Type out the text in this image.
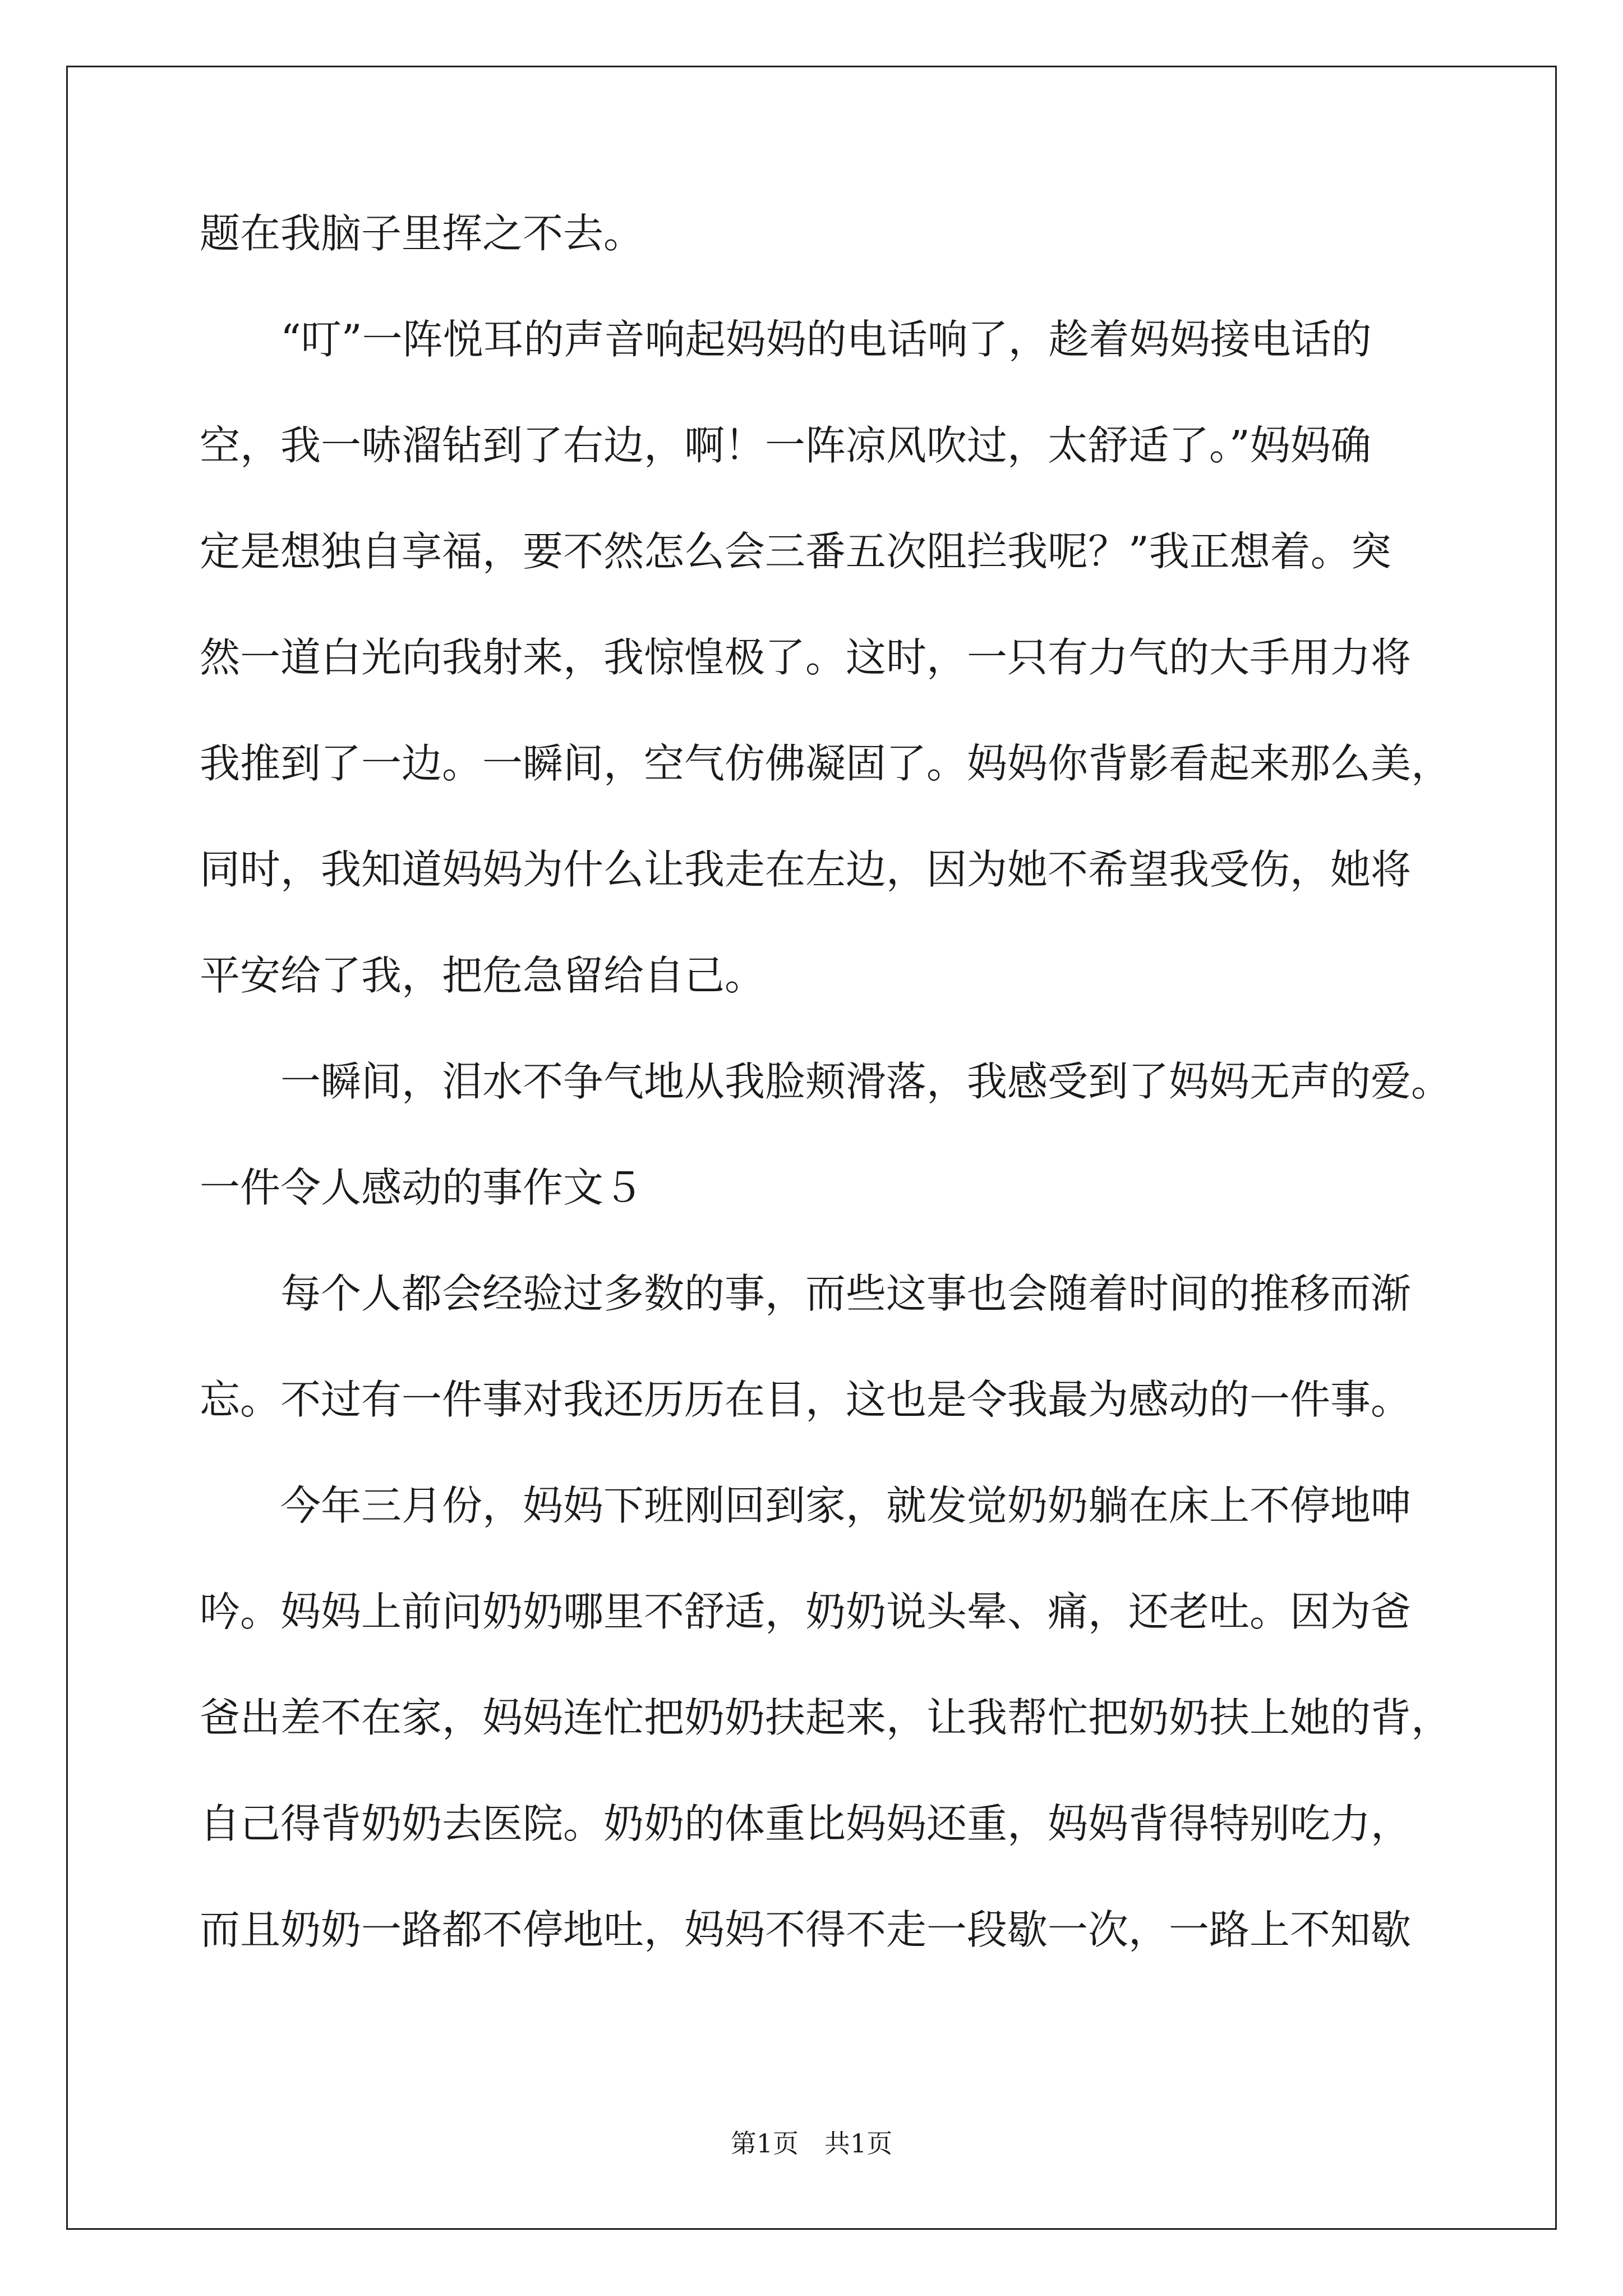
题在我脑子里挥之不去。
“叮”一阵悦耳的声音响起妈妈的电话响了，趁着妈妈接电话的
空，我一哧溜钻到了右边，啊！一阵凉风吹过，太舒适了。”妈妈确
定是想独自享福，要不然怎么会三番五次阻拦我呢？”我正想着。突
然一道白光向我射来，我惊惶极了。这时，一只有力气的大手用力将
我推到了一边。一瞬间，空气仿佛凝固了。妈妈你背影看起来那么美，
同时，我知道妈妈为什么让我走在左边，因为她不希望我受伤，她将
平安给了我，把危急留给自己。
一瞬间，泪水不争气地从我脸颊滑落，我感受到了妈妈无声的爱。
一件令人感动的事作文５
每个人都会经验过多数的事，而些这事也会随着时间的推移而渐
忘。不过有一件事对我还历历在目，这也是令我最为感动的一件事。
今年三月份，妈妈下班刚回到家，就发觉奶奶躺在床上不停地呻
吟。妈妈上前问奶奶哪里不舒适，奶奶说头晕、痛，还老吐。因为爸
爸出差不在家，妈妈连忙把奶奶扶起来，让我帮忙把奶奶扶上她的背，
自己得背奶奶去医院。奶奶的体重比妈妈还重，妈妈背得特别吃力，
而且奶奶一路都不停地吐，妈妈不得不走一段歇一次，一路上不知歇
第1页　共1页
